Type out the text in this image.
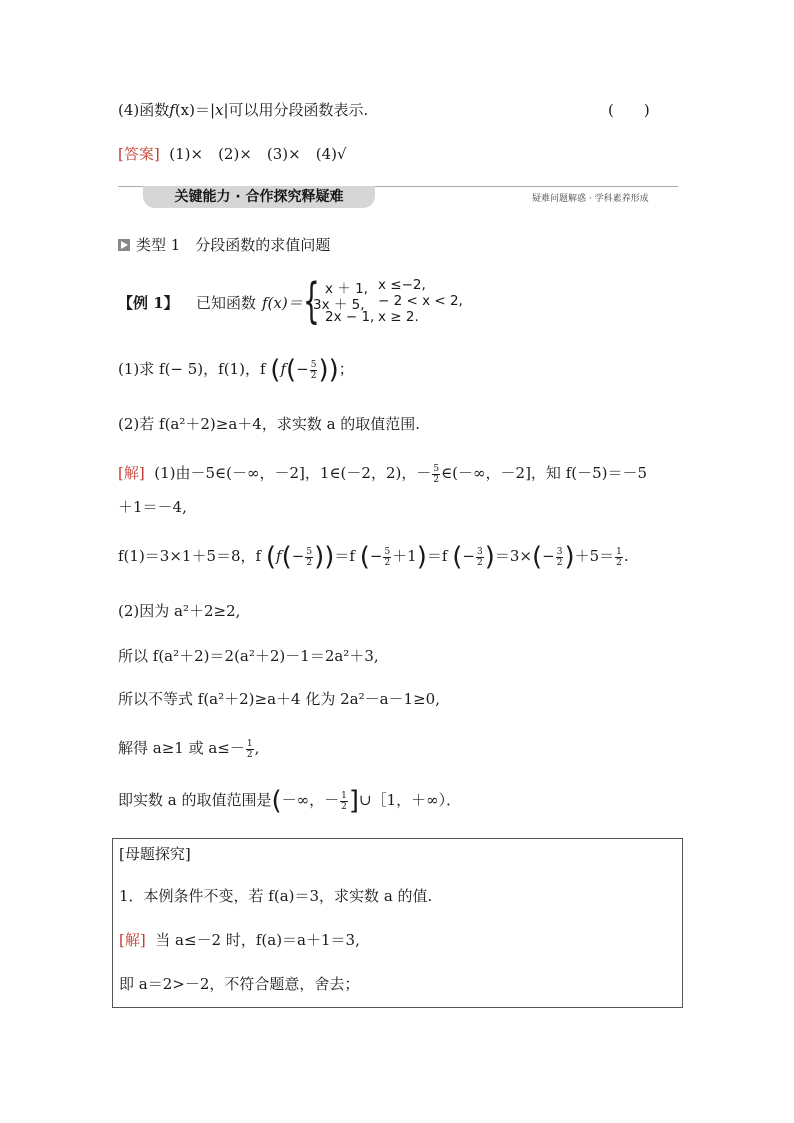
(4)函数f(x)＝|x|可以用分段函数表示.	(　　)
[答案] (1)×　(2)×　(3)×　(4)√
关键能力 · 合作探究释疑难	疑难问题解惑 · 学科素养形成
类型 1　分段函数的求值问题
【例 1】 已知函数 f(x)＝ { x ＋ 1, x ≤−2,
3x ＋ 5, − 2 < x < 2,
2x − 1, x ≥ 2.
(1)求 f(− 5)，f(1)，f ($f(- \frac{5}{2}$ ))；
(2)若 f(a²＋2)≥a＋4，求实数 a 的取值范围.
[解] (1)由－5∈(－∞，－2]，1∈(－2，2)，－ $\frac{5}{2}$ ∈(－∞，－2]，知 f(－5)＝－5
＋1＝－4,
f(1)＝3×1＋5＝8，f $(f(- \frac{5}{2} ))=f$ (− $\frac{5}{2} +1)=f$ (− $\frac{3}{2} )=3\times(- \frac{3}{2} )+5= \frac{1}{2}$ .
(2)因为 a²＋2≥2,
所以 f(a²＋2)＝2(a²＋2)－1＝2a²＋3,
所以不等式 f(a²＋2)≥a＋4 化为 2a²－a－1≥0,
解得 a≥1 或 $a\le- \frac{1}{2}$ ,
即实数 a 的取值范围是(－∞，－ $\frac{1}{2}$ ]∪［1，＋∞）．
[母题探究]
1．本例条件不变，若 f(a)＝3，求实数 a 的值.
[解] 当 a≤－2 时，f(a)＝a＋1＝3,
即 a＝2>－2，不符合题意，舍去；
